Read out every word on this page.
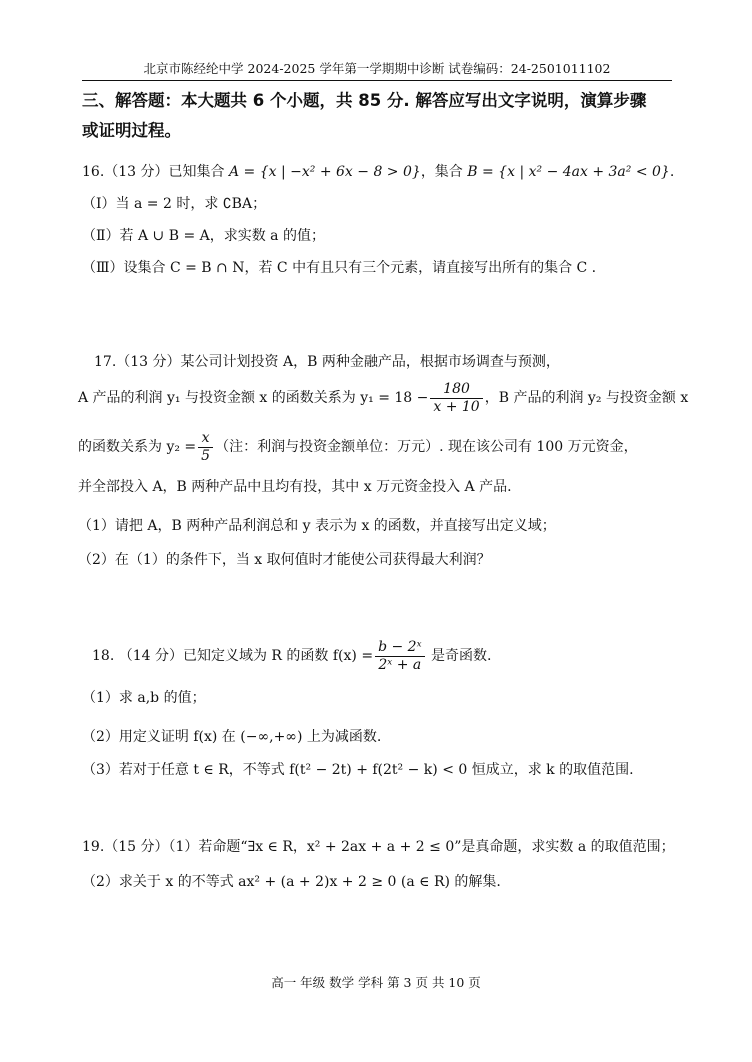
北京市陈经纶中学 2024-2025 学年第一学期期中诊断 试卷编码：24-2501011102
三、解答题：本大题共 6 个小题，共 85 分. 解答应写出文字说明，演算步骤
或证明过程。
16.（13 分）已知集合 A = {x | −x² + 6x − 8 > 0}，集合 B = {x | x² − 4ax + 3a² < 0}.
（Ⅰ）当 a = 2 时，求 ∁BA；
（Ⅱ）若 A ∪ B = A，求实数 a 的值；
（Ⅲ）设集合 C = B ∩ N，若 C 中有且只有三个元素，请直接写出所有的集合 C .
17.（13 分）某公司计划投资 A，B 两种金融产品，根据市场调查与预测，
A 产品的利润 y₁ 与投资金额 x 的函数关系为 $y_1 = 18 - \frac{180}{x + 10}$ ，B 产品的利润 y₂ 与投资金额 x
的函数关系为 $y_2 = \frac{x}{5}$ （注：利润与投资金额单位：万元）. 现在该公司有 100 万元资金，
并全部投入 A，B 两种产品中且均有投，其中 x 万元资金投入 A 产品.
（1）请把 A，B 两种产品利润总和 y 表示为 x 的函数，并直接写出定义域；
（2）在（1）的条件下，当 x 取何值时才能使公司获得最大利润？
18. （14 分）已知定义域为 R 的函数 $f(x) = \frac{\text{b − 2ˣ}}{\text{2ˣ + a}}$ 是奇函数.
（1）求 a,b 的值；
（2）用定义证明 f(x) 在 (−∞,+∞) 上为减函数.
（3）若对于任意 t ∈ R，不等式 f(t² − 2t) + f(2t² − k) < 0 恒成立，求 k 的取值范围.
19.（15 分）（1）若命题“∃x ∈ R，x² + 2ax + a + 2 ≤ 0”是真命题，求实数 a 的取值范围；
（2）求关于 x 的不等式 ax² + (a + 2)x + 2 ≥ 0 (a ∈ R) 的解集.
高一 年级 数学 学科 第 3 页 共 10 页
